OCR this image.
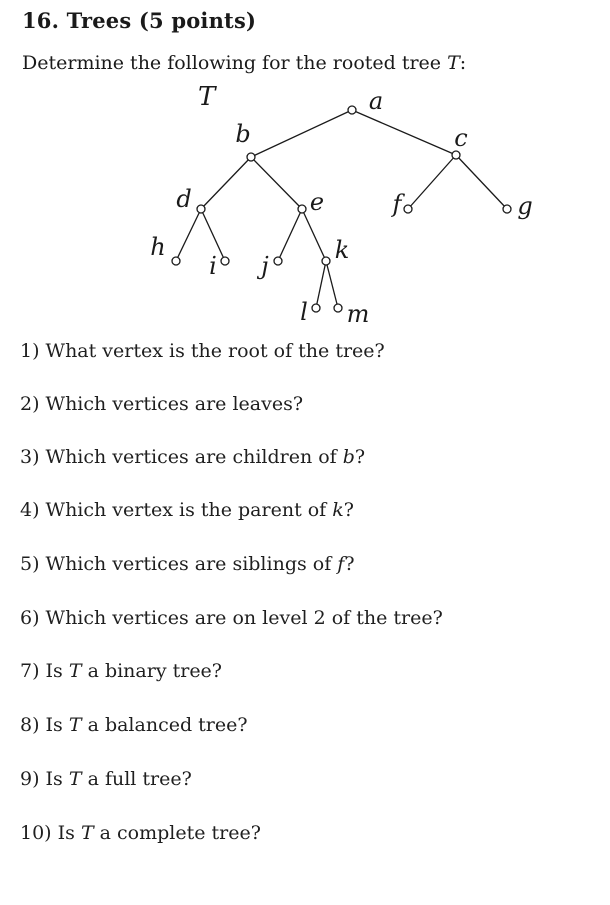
16. Trees (5 points)
Determine the following for the rooted tree T:
T	a
b	c
d	e	f	g
h
i j
k
l m
1) What vertex is the root of the tree?
2) Which vertices are leaves?
3) Which vertices are children of b?
4) Which vertex is the parent of k?
5) Which vertices are siblings of f?
6) Which vertices are on level 2 of the tree?
7) Is T a binary tree?
8) Is T a balanced tree?
9) Is T a full tree?
10) Is T a complete tree?
